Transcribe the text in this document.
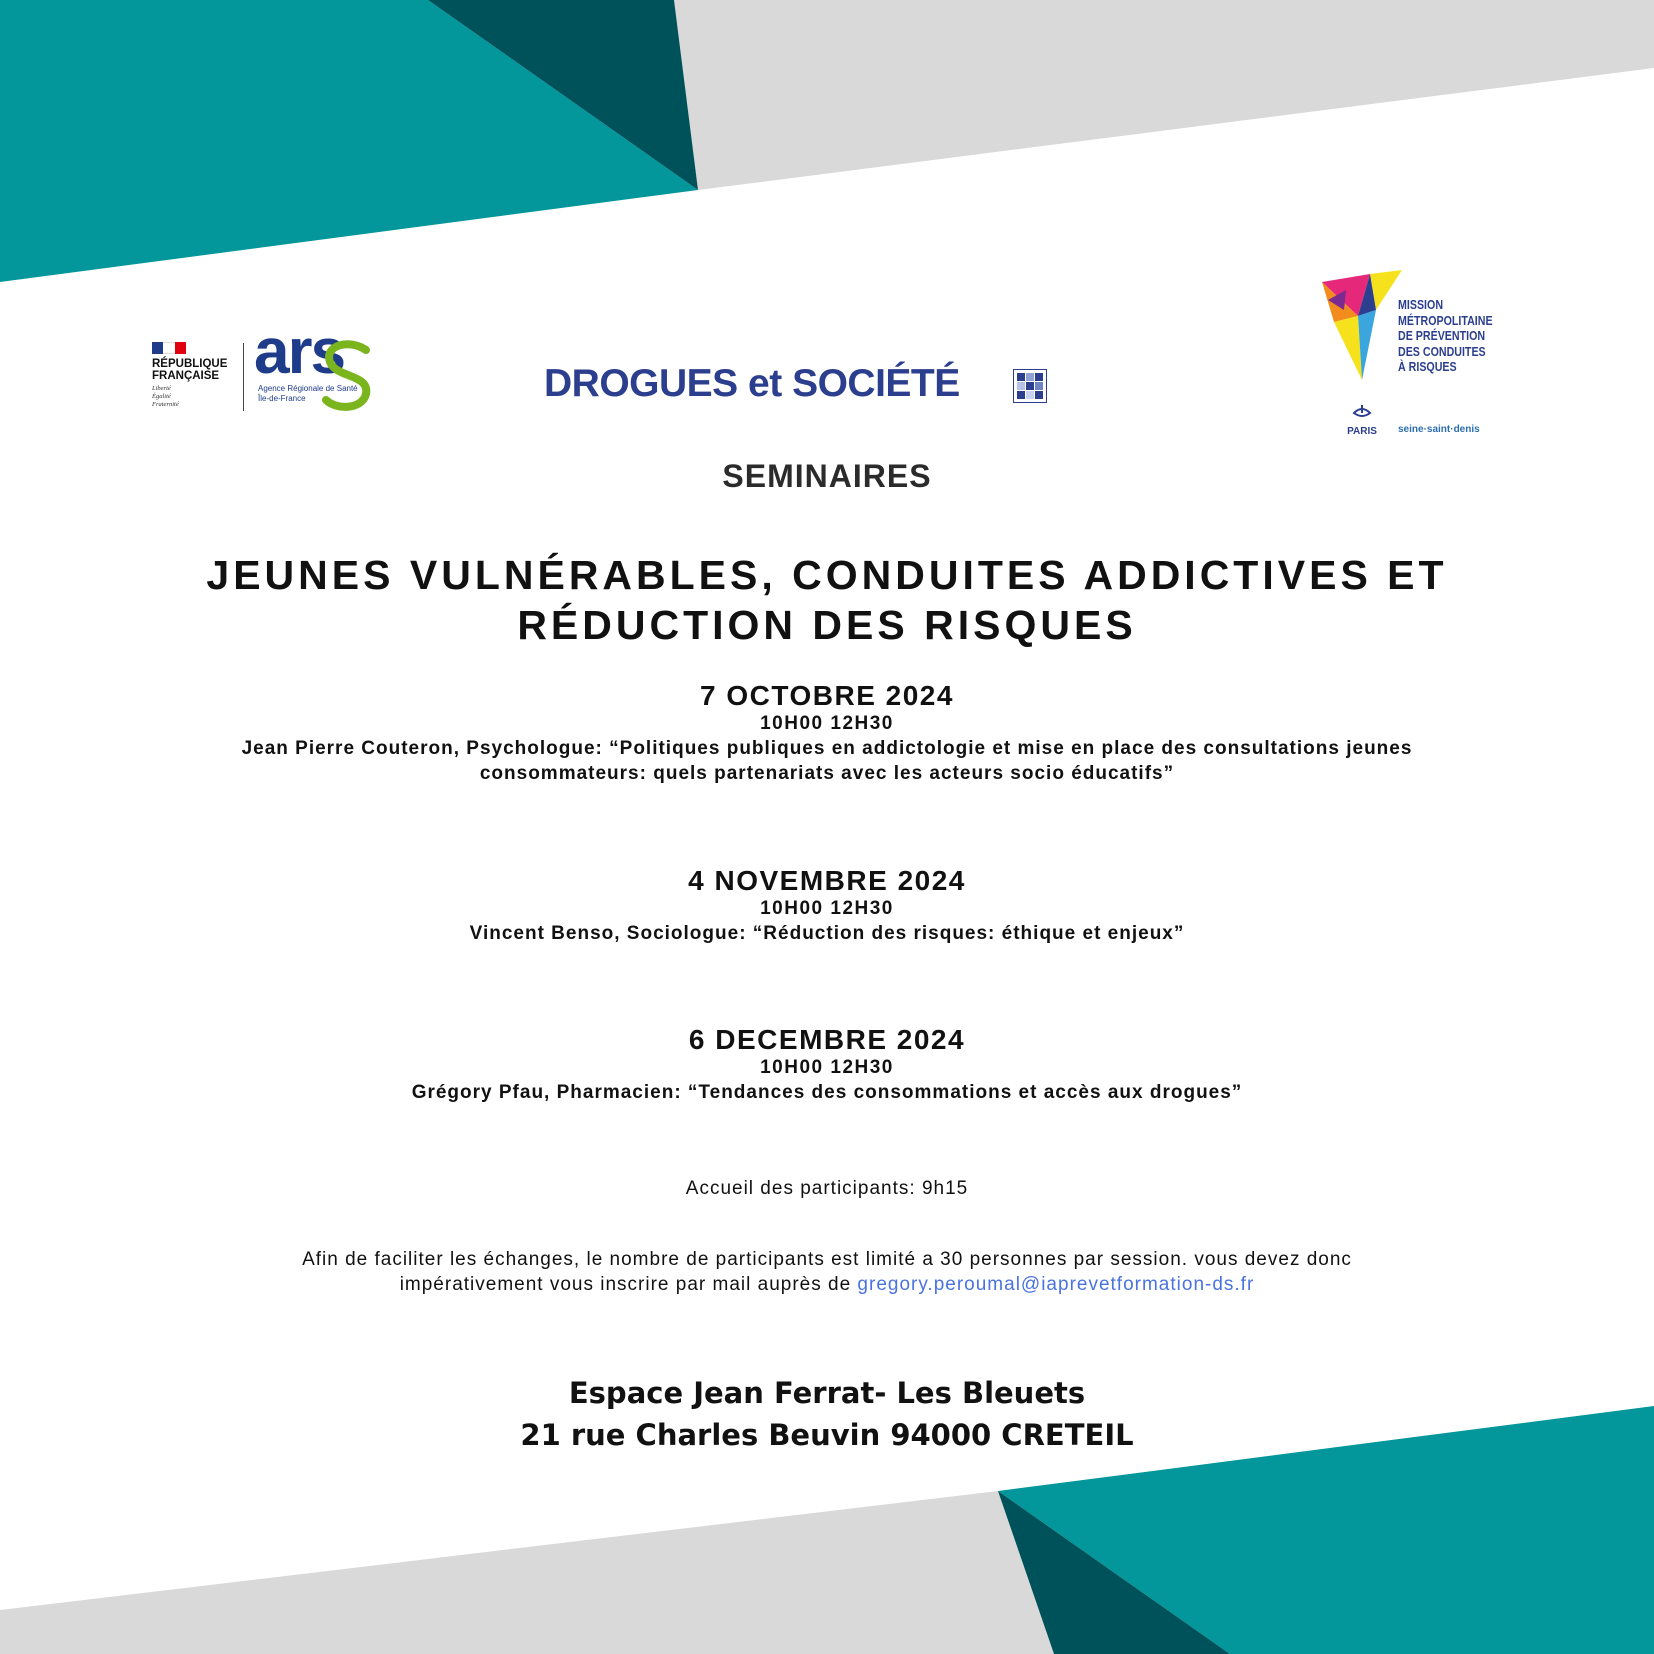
RÉPUBLIQUE
FRANÇAISE
Liberté
Égalité
Fraternité
ars
Agence Régionale de Santé Île-de-France	DROGUES et SOCIÉTÉ
MISSION
MÉTROPOLITAINE
DE PRÉVENTION
DES CONDUITES
À RISQUES
PARIS	seine·saint·denis
SEMINAIRES
JEUNES VULNÉRABLES, CONDUITES ADDICTIVES ET
RÉDUCTION DES RISQUES
7 OCTOBRE 2024
10H00 12H30
Jean Pierre Couteron, Psychologue: “Politiques publiques en addictologie et mise en place des consultations jeunes
consommateurs: quels partenariats avec les acteurs socio éducatifs”
4 NOVEMBRE 2024
10H00 12H30
Vincent Benso, Sociologue: “Réduction des risques: éthique et enjeux”
6 DECEMBRE 2024
10H00 12H30
Grégory Pfau, Pharmacien: “Tendances des consommations et accès aux drogues”
Accueil des participants: 9h15
Afin de faciliter les échanges, le nombre de participants est limité a 30 personnes par session. vous devez donc
impérativement vous inscrire par mail auprès de gregory.peroumal@iaprevetformation-ds.fr
Espace Jean Ferrat- Les Bleuets
21 rue Charles Beuvin 94000 CRETEIL
